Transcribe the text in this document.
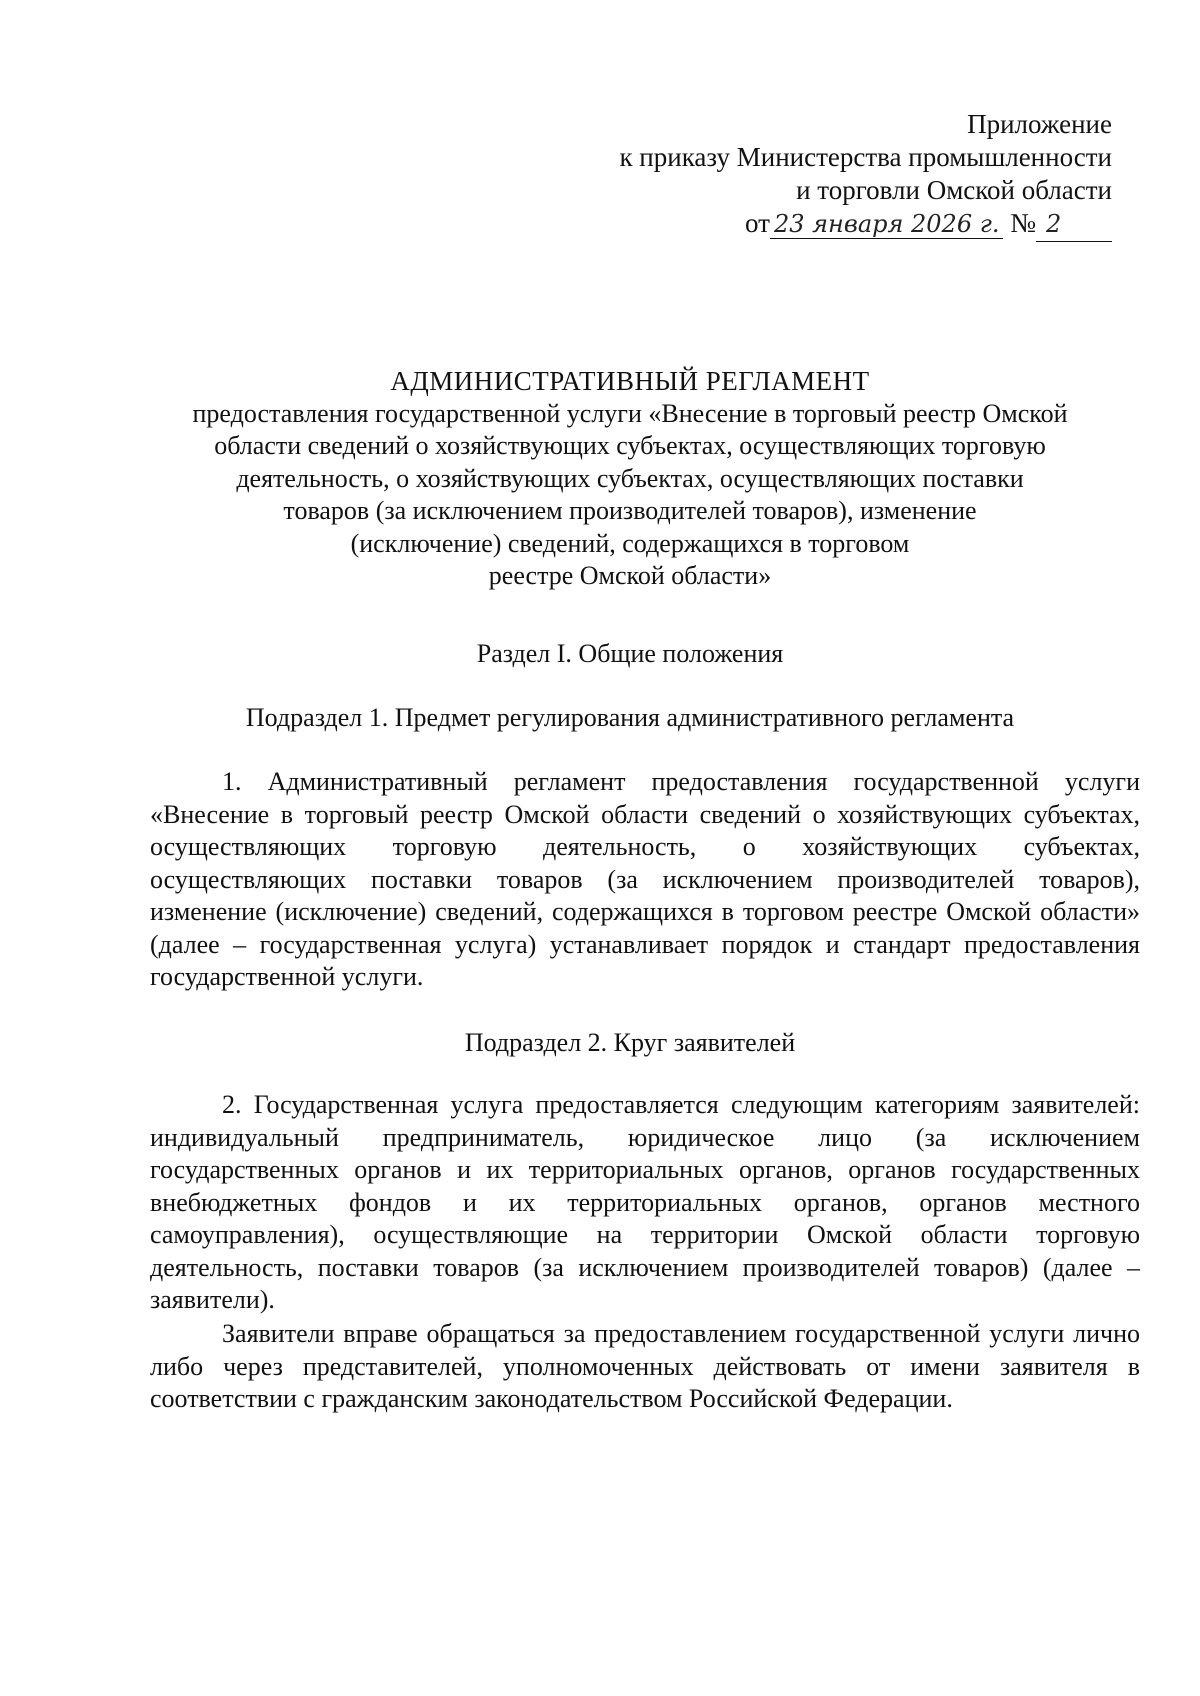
Приложение
к приказу Министерства промышленности
и торговли Омской области
от 23 января 2026 г. № 2
АДМИНИСТРАТИВНЫЙ РЕГЛАМЕНТ
предоставления государственной услуги «Внесение в торговый реестр Омской
области сведений о хозяйствующих субъектах, осуществляющих торговую
деятельность, о хозяйствующих субъектах, осуществляющих поставки
товаров (за исключением производителей товаров), изменение
(исключение) сведений, содержащихся в торговом
реестре Омской области»
Раздел I. Общие положения
Подраздел 1. Предмет регулирования административного регламента
1. Административный регламент предоставления государственной услуги «Внесение в торговый реестр Омской области сведений о хозяйствующих субъектах, осуществляющих торговую деятельность, о хозяйствующих субъектах, осуществляющих поставки товаров (за исключением производителей товаров), изменение (исключение) сведений, содержащихся в торговом реестре Омской области» (далее – государственная услуга) устанавливает порядок и стандарт предоставления государственной услуги.
Подраздел 2. Круг заявителей
2. Государственная услуга предоставляется следующим категориям заявителей: индивидуальный предприниматель, юридическое лицо (за исключением государственных органов и их территориальных органов, органов государственных внебюджетных фондов и их территориальных органов, органов местного самоуправления), осуществляющие на территории Омской области торговую деятельность, поставки товаров (за исключением производителей товаров) (далее – заявители).
Заявители вправе обращаться за предоставлением государственной услуги лично либо через представителей, уполномоченных действовать от имени заявителя в соответствии с гражданским законодательством Российской Федерации.
